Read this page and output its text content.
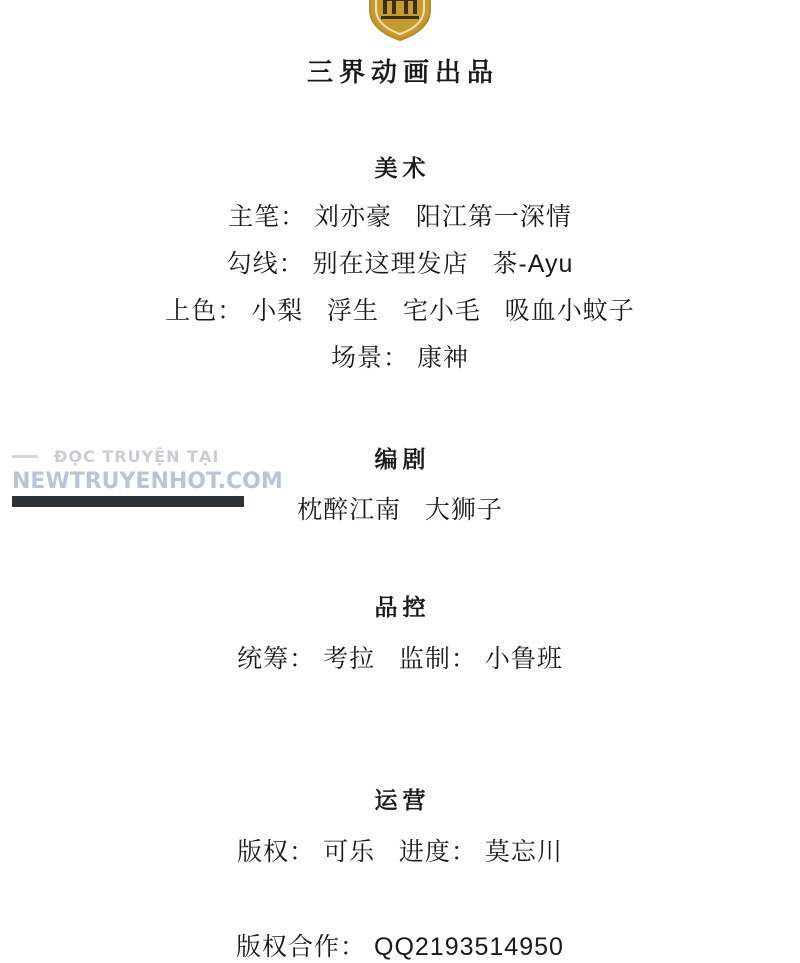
三界动画出品
美术
主笔： 刘亦豪   阳江第一深情
勾线： 别在这理发店   茶-Ayu
上色： 小梨   浮生   宅小毛   吸血小蚊子
场景： 康神
编剧
枕醉江南   大狮子
品控
统筹： 考拉   监制： 小鲁班
运营
版权： 可乐   进度： 莫忘川
版权合作： QQ2193514950
ĐỌC TRUYỆN TẠI
NEWTRUYENHOT.COM
